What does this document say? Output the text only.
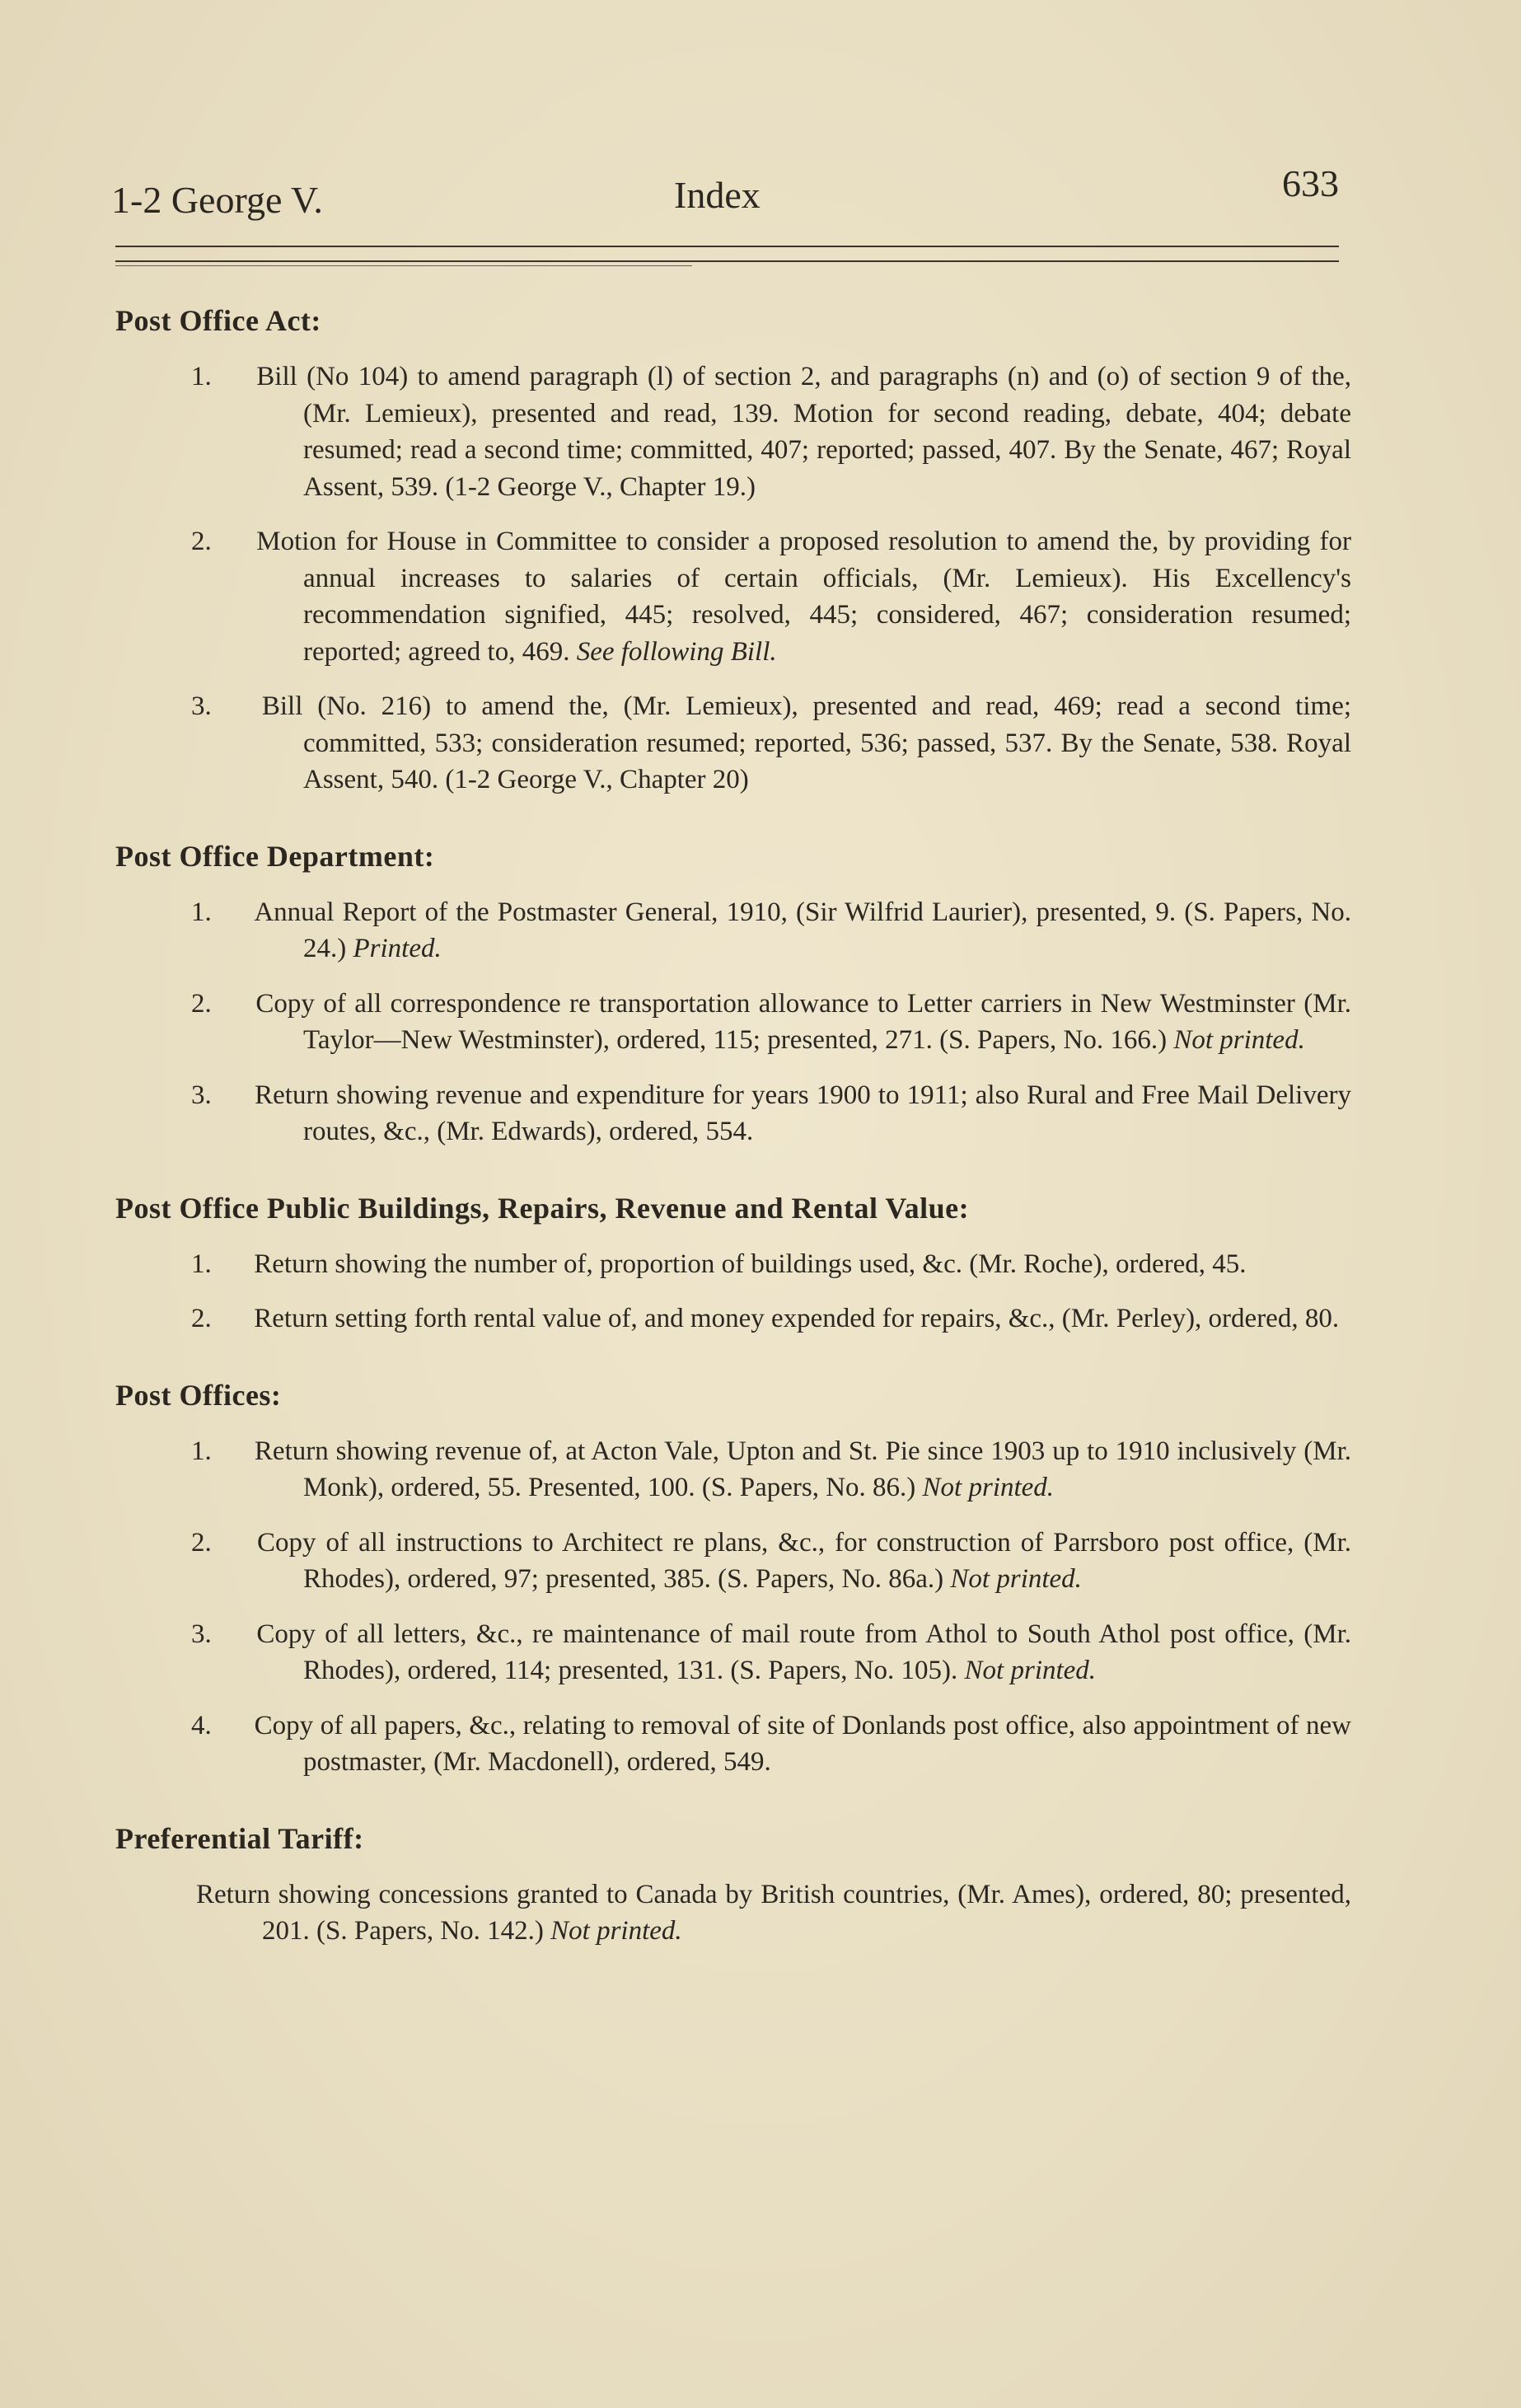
1-2 George V.	Index	633
Post Office Act:

1. Bill (No 104) to amend paragraph (l) of section 2, and paragraphs (n) and (o) of section 9 of the, (Mr. Lemieux), presented and read, 139. Motion for second reading, debate, 404; debate resumed; read a second time; committed, 407; reported; passed, 407. By the Senate, 467; Royal Assent, 539. (1-2 George V., Chapter 19.)

2. Motion for House in Committee to consider a proposed resolution to amend the, by providing for annual increases to salaries of certain officials, (Mr. Lemieux). His Excellency's recommendation signified, 445; resolved, 445; considered, 467; consideration resumed; reported; agreed to, 469. See following Bill.

3. Bill (No. 216) to amend the, (Mr. Lemieux), presented and read, 469; read a second time; committed, 533; consideration resumed; reported, 536; passed, 537. By the Senate, 538. Royal Assent, 540. (1-2 George V., Chapter 20)

Post Office Department:

1. Annual Report of the Postmaster General, 1910, (Sir Wilfrid Laurier), presented, 9. (S. Papers, No. 24.) Printed.

2. Copy of all correspondence re transportation allowance to Letter carriers in New Westminster (Mr. Taylor—New Westminster), ordered, 115; presented, 271. (S. Papers, No. 166.) Not printed.

3. Return showing revenue and expenditure for years 1900 to 1911; also Rural and Free Mail Delivery routes, &c., (Mr. Edwards), ordered, 554.

Post Office Public Buildings, Repairs, Revenue and Rental Value:

1. Return showing the number of, proportion of buildings used, &c. (Mr. Roche), ordered, 45.

2. Return setting forth rental value of, and money expended for repairs, &c., (Mr. Perley), ordered, 80.

Post Offices:

1. Return showing revenue of, at Acton Vale, Upton and St. Pie since 1903 up to 1910 inclusively (Mr. Monk), ordered, 55. Presented, 100. (S. Papers, No. 86.) Not printed.

2. Copy of all instructions to Architect re plans, &c., for construction of Parrsboro post office, (Mr. Rhodes), ordered, 97; presented, 385. (S. Papers, No. 86a.) Not printed.

3. Copy of all letters, &c., re maintenance of mail route from Athol to South Athol post office, (Mr. Rhodes), ordered, 114; presented, 131. (S. Papers, No. 105). Not printed.

4. Copy of all papers, &c., relating to removal of site of Donlands post office, also appointment of new postmaster, (Mr. Macdonell), ordered, 549.

Preferential Tariff:

Return showing concessions granted to Canada by British countries, (Mr. Ames), ordered, 80; presented, 201. (S. Papers, No. 142.) Not printed.
